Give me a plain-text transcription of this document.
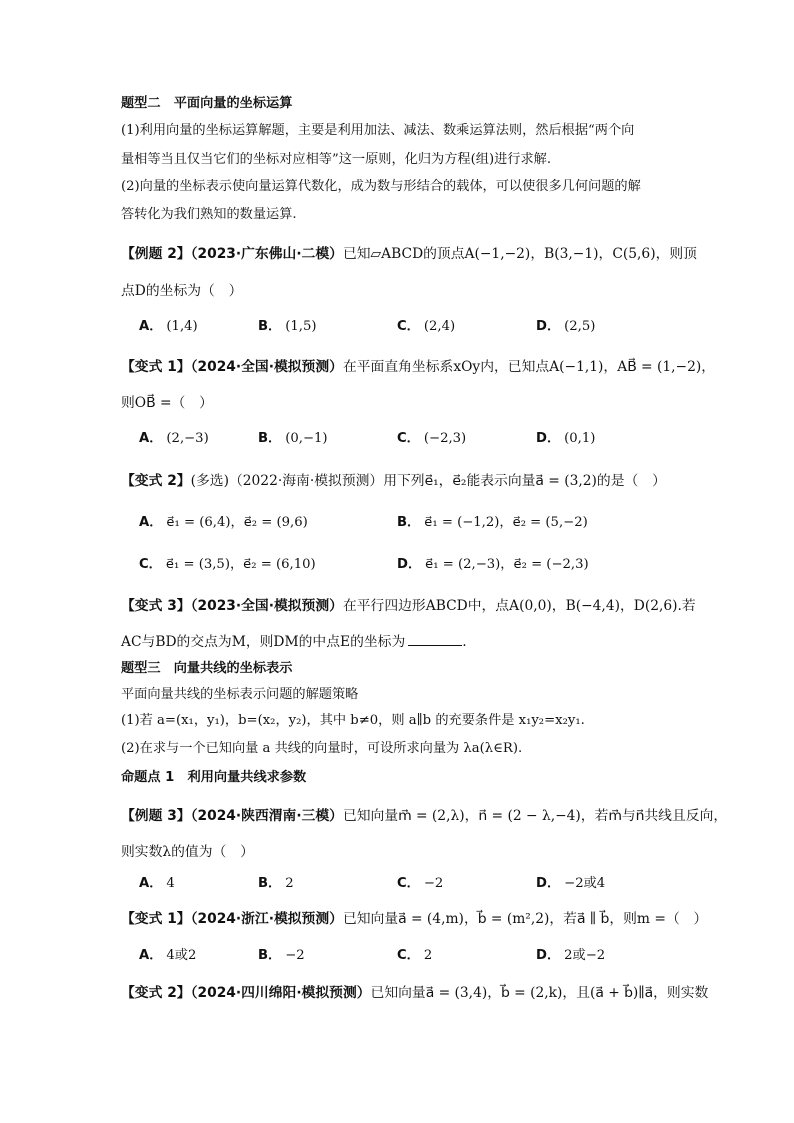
题型二　平面向量的坐标运算
(1)利用向量的坐标运算解题，主要是利用加法、减法、数乘运算法则，然后根据“两个向
量相等当且仅当它们的坐标对应相等”这一原则，化归为方程(组)进行求解.
(2)向量的坐标表示使向量运算代数化，成为数与形结合的载体，可以使很多几何问题的解
答转化为我们熟知的数量运算.
【例题 2】（2023·广东佛山·二模）已知▱ABCD的顶点A(−1,−2)，B(3,−1)，C(5,6)，则顶
点D的坐标为（　）
A． (1,4)	B． (1,5)	C． (2,4)	D． (2,5)
【变式 1】（2024·全国·模拟预测）在平面直角坐标系xOy内，已知点A(−1,1)，AB⃗ = (1,−2)，
则OB⃗ =（　）
A． (2,−3)	B． (0,−1)	C． (−2,3)	D． (0,1)
【变式 2】(多选)（2022·海南·模拟预测）用下列e⃗₁，e⃗₂能表示向量a⃗ = (3,2)的是（　）
A． e⃗₁ = (6,4)，e⃗₂ = (9,6)	B． e⃗₁ = (−1,2)，e⃗₂ = (5,−2)
C． e⃗₁ = (3,5)，e⃗₂ = (6,10)	D． e⃗₁ = (2,−3)，e⃗₂ = (−2,3)
【变式 3】（2023·全国·模拟预测）在平行四边形ABCD中，点A(0,0)，B(−4,4)，D(2,6).若
AC与BD的交点为M，则DM的中点E的坐标为	.
题型三　向量共线的坐标表示
平面向量共线的坐标表示问题的解题策略
(1)若 a=(x₁，y₁)，b=(x₂，y₂)，其中 b≠0，则 a∥b 的充要条件是 x₁y₂=x₂y₁.
(2)在求与一个已知向量 a 共线的向量时，可设所求向量为 λa(λ∈R).
命题点 1　利用向量共线求参数
【例题 3】（2024·陕西渭南·三模）已知向量m⃗ = (2,λ)，n⃗ = (2 − λ,−4)，若m⃗与n⃗共线且反向，
则实数λ的值为（　）
A． 4	B． 2	C． −2	D． −2或4
【变式 1】（2024·浙江·模拟预测）已知向量a⃗ = (4,m)，b⃗ = (m²,2)，若a⃗ ∥ b⃗，则m =（　）
A． 4或2	B． −2	C． 2	D． 2或−2
【变式 2】（2024·四川绵阳·模拟预测）已知向量a⃗ = (3,4)，b⃗ = (2,k)，且(a⃗ + b⃗)∥a⃗，则实数
